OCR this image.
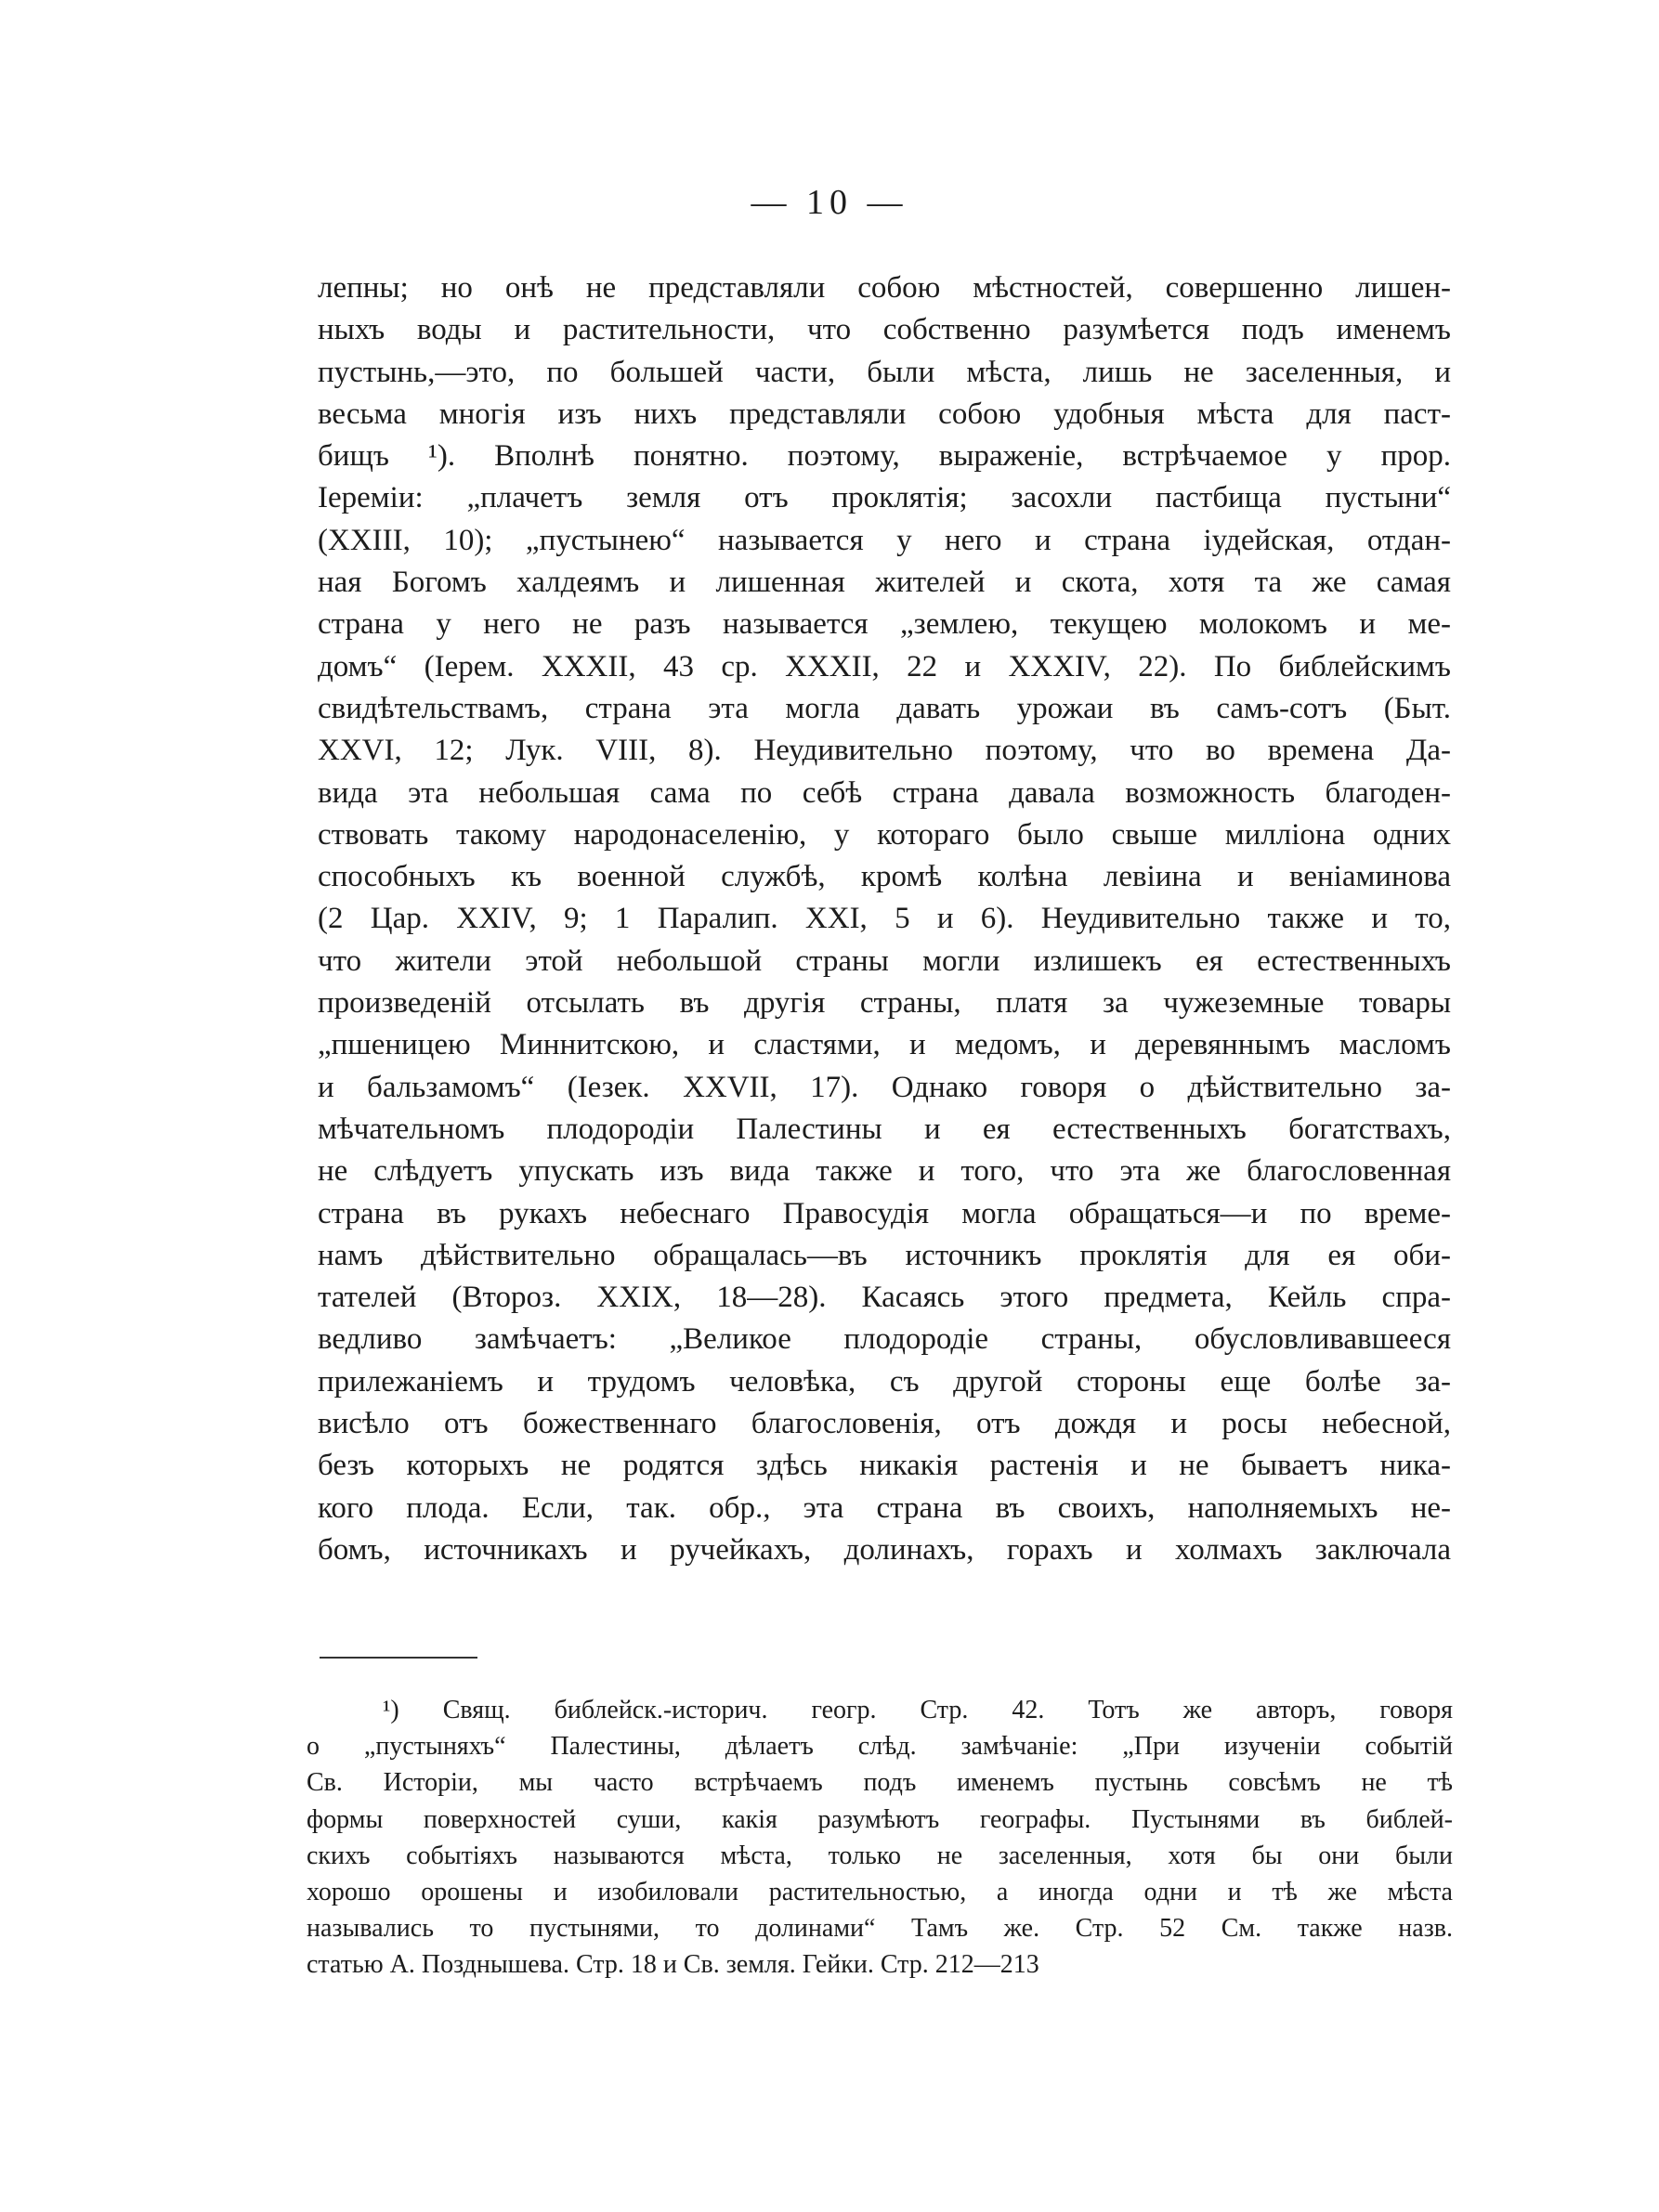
— 10 —
лепны; но онѣ не представляли собою мѣстностей, совершенно лишен-
ныхъ воды и растительности, что собственно разумѣется подъ именемъ
пустынь,—это, по большей части, были мѣста, лишь не заселенныя, и
весьма многія изъ нихъ представляли собою удобныя мѣста для паст-
бищъ ¹). Вполнѣ понятно. поэтому, выраженіе, встрѣчаемое у прор.
Іереміи: „плачетъ земля отъ проклятія; засохли пастбища пустыни“
(XXIII, 10); „пустынею“ называется у него и страна іудейская, отдан-
ная Богомъ халдеямъ и лишенная жителей и скота, хотя та же самая
страна у него не разъ называется „землею, текущею молокомъ и ме-
домъ“ (Іерем. XXXII, 43 ср. XXXII, 22 и XXXIV, 22). По библейскимъ
свидѣтельствамъ, страна эта могла давать урожаи въ самъ-сотъ (Быт.
XXVI, 12; Лук. VIII, 8). Неудивительно поэтому, что во времена Да-
вида эта небольшая сама по себѣ страна давала возможность благоден-
ствовать такому народонаселенію, у котораго было свыше милліона одних
способныхъ къ военной службѣ, кромѣ колѣна левіина и веніаминова
(2 Цар. XXIV, 9; 1 Паралип. XXI, 5 и 6). Неудивительно также и то,
что жители этой небольшой страны могли излишекъ ея естественныхъ
произведеній отсылать въ другія страны, платя за чужеземные товары
„пшеницею Миннитскою, и сластями, и медомъ, и деревяннымъ масломъ
и бальзамомъ“ (Іезек. XXVII, 17). Однако говоря о дѣйствительно за-
мѣчательномъ плодородіи Палестины и ея естественныхъ богатствахъ,
не слѣдуетъ упускать изъ вида также и того, что эта же благословенная
страна въ рукахъ небеснаго Правосудія могла обращаться—и по време-
намъ дѣйствительно обращалась—въ источникъ проклятія для ея оби-
тателей (Второз. XXIX, 18—28). Касаясь этого предмета, Кейль спра-
ведливо замѣчаетъ: „Великое плодородіе страны, обусловливавшееся
прилежаніемъ и трудомъ человѣка, съ другой стороны еще болѣе за-
висѣло отъ божественнаго благословенія, отъ дождя и росы небесной,
безъ которыхъ не родятся здѣсь никакія растенія и не бываетъ ника-
кого плода. Если, так. обр., эта страна въ своихъ, наполняемыхъ не-
бомъ, источникахъ и ручейкахъ, долинахъ, горахъ и холмахъ заключала
¹) Свящ. библейск.-историч. геогр. Стр. 42. Тотъ же авторъ, говоря
о „пустыняхъ“ Палестины, дѣлаетъ слѣд. замѣчаніе: „При изученіи событій
Св. Исторіи, мы часто встрѣчаемъ подъ именемъ пустынь совсѣмъ не тѣ
формы поверхностей суши, какія разумѣютъ географы. Пустынями въ библей-
скихъ событіяхъ называются мѣста, только не заселенныя, хотя бы они были
хорошо орошены и изобиловали растительностью, а иногда одни и тѣ же мѣста
назывались то пустынями, то долинами“ Тамъ же. Стр. 52 См. также назв.
статью А. Позднышева. Стр. 18 и Св. земля. Гейки. Стр. 212—213
